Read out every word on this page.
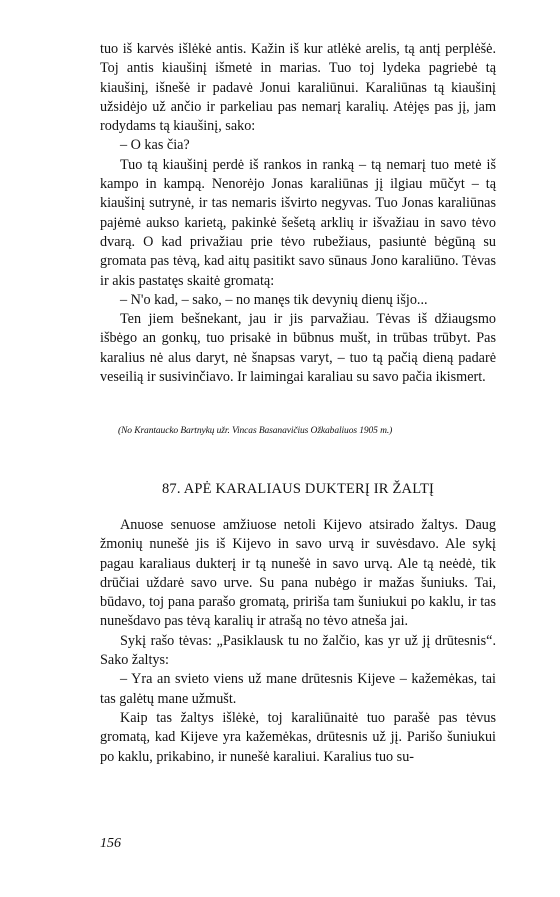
tuo iš karvės išlėkė antis. Kažin iš kur atlėkė arelis, tą antį perplėšė. Toj antis kiaušinį išmetė in marias. Tuo toj lydeka pagriebė tą kiaušinį, išnešė ir padavė Jonui karaliūnui. Karaliūnas tą kiaušinį užsidėjo už ančio ir parkeliau pas nemarį karalių. Atėjęs pas jį, jam rodydams tą kiaušinį, sako:

– O kas čia?

Tuo tą kiaušinį perdė iš rankos in ranką – tą nemarį tuo metė iš kampo in kampą. Nenorėjo Jonas karaliūnas jį ilgiau mūčyt – tą kiaušinį sutrynė, ir tas nemaris išvirto negyvas. Tuo Jonas karaliūnas pajėmė aukso karietą, pakinkė šešetą arklių ir išvažiau in savo tėvo dvarą. O kad privažiau prie tėvo rubežiaus, pasiuntė bėgūną su gromata pas tėvą, kad aitų pasitikt savo sūnaus Jono karaliūno. Tėvas ir akis pastatęs skaitė gromatą:

– N'o kad, – sako, – no manęs tik devynių dienų išjo...

Ten jiem bešnekant, jau ir jis parvažiau. Tėvas iš džiaugsmo išbėgo an gonkų, tuo prisakė in būbnus mušt, in trūbas trūbyt. Pas karalius nė alus daryt, nė šnapsas varyt, – tuo tą pačią dieną padarė veseilią ir susivinčiavo. Ir laimingai karaliau su savo pačia ikismert.

(No Krantaucko Bartnykų užr. Vincas Basanavičius Ožkabaliuos 1905 m.)
87. APĖ KARALIAUS DUKTERĮ IR ŽALTĮ

Anuose senuose amžiuose netoli Kijevo atsirado žaltys. Daug žmonių nunešė jis iš Kijevo in savo urvą ir suvėsdavo. Ale sykį pagau karaliaus dukterį ir tą nunešė in savo urvą. Ale tą neėdė, tik drūčiai uždarė savo urve. Su pana nubėgo ir mažas šuniuks. Tai, būdavo, toj pana parašo gromatą, pririša tam šuniukui po kaklu, ir tas nunešdavo pas tėvą karalių ir atrašą no tėvo atneša jai.

Sykį rašo tėvas: „Pasiklausk tu no žalčio, kas yr už jį drūtesnis“. Sako žaltys:

– Yra an svieto viens už mane drūtesnis Kijeve – kažemėkas, tai tas galėtų mane užmušt.

Kaip tas žaltys išlėkė, toj karaliūnaitė tuo parašė pas tėvus gromatą, kad Kijeve yra kažemėkas, drūtesnis už jį. Parišo šuniukui po kaklu, prikabino, ir nunešė karaliui. Karalius tuo su-

156
